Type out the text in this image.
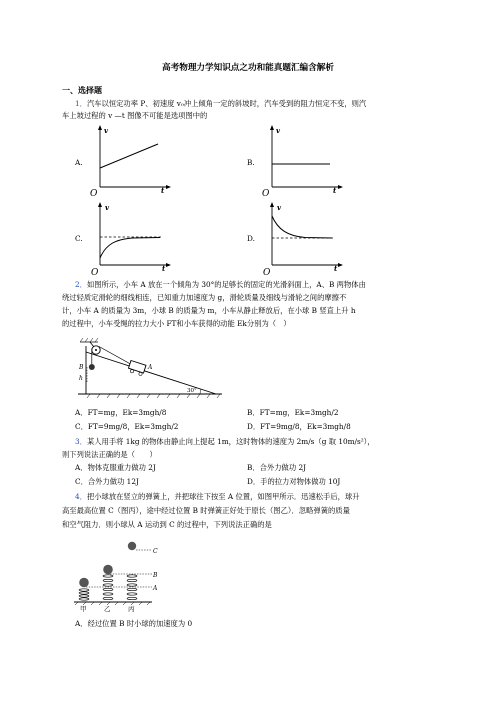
高考物理力学知识点之功和能真题汇编含解析
一、选择题
1．汽车以恒定功率 P、初速度 v₀冲上倾角一定的斜坡时，汽车受到的阻力恒定不变，则汽
车上坡过程的 v —t 图像不可能是选项图中的
A.	B.
C.	D.
v
t
O
v
t
O
v
t
O
v
t
O
2．如图所示，小车 A 放在一个倾角为 30°的足够长的固定的光滑斜面上，A、B 两物体由
绕过轻质定滑轮的细线相连，已知重力加速度为 g，滑轮质量及细线与滑轮之间的摩擦不
计，小车 A 的质量为 3m，小球 B 的质量为 m，小车从静止释放后，在小球 B 竖直上升 h
的过程中，小车受绳的拉力大小 FT和小车获得的动能 Ek分别为（　）
B
h
A
30°
A．FT=mg，Ek=3mgh/8	B．FT=mg，Ek=3mgh/2
C．FT=9mg/8，Ek=3mgh/2	D．FT=9mg/8，Ek=3mgh/8
3．某人用手将 1kg 的物体由静止向上提起 1m，这时物体的速度为 2m/s（g 取 10m/s²），
则下列说法正确的是（　　）
A．物体克服重力做功 2J	B．合外力做功 2J
C．合外力做功 12J	D．手的拉力对物体做功 10J
4．把小球放在竖立的弹簧上，并把球往下按至 A 位置，如图甲所示．迅速松手后，球升
高至最高位置 C（图丙），途中经过位置 B 时弹簧正好处于原长（图乙）．忽略弹簧的质量
和空气阻力．则小球从 A 运动到 C 的过程中，下列说法正确的是
C
B
A
甲	乙	丙
A．经过位置 B 时小球的加速度为 0
